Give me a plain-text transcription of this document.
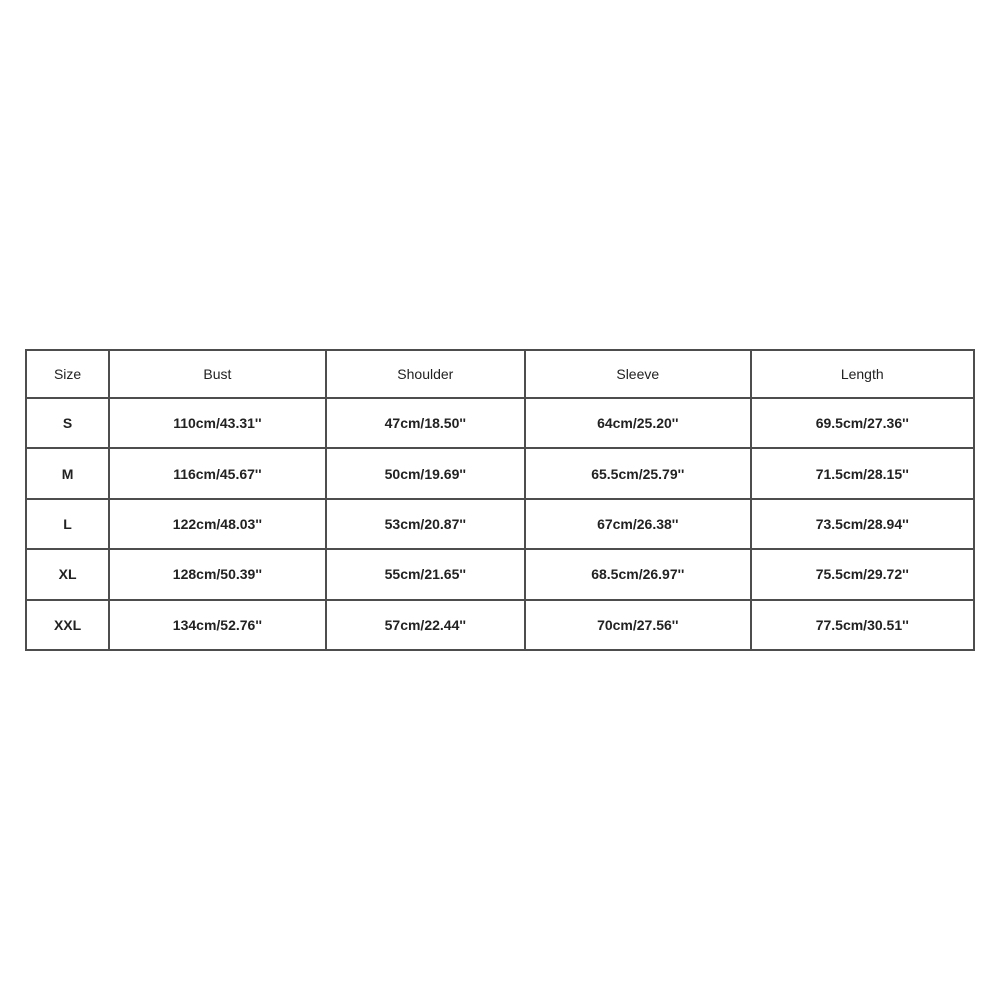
Size	Bust	Shoulder	Sleeve	Length
S	110cm/43.31''	47cm/18.50''	64cm/25.20''	69.5cm/27.36''
M	116cm/45.67''	50cm/19.69''	65.5cm/25.79''	71.5cm/28.15''
L	122cm/48.03''	53cm/20.87''	67cm/26.38''	73.5cm/28.94''
XL	128cm/50.39''	55cm/21.65''	68.5cm/26.97''	75.5cm/29.72''
XXL	134cm/52.76''	57cm/22.44''	70cm/27.56''	77.5cm/30.51''
